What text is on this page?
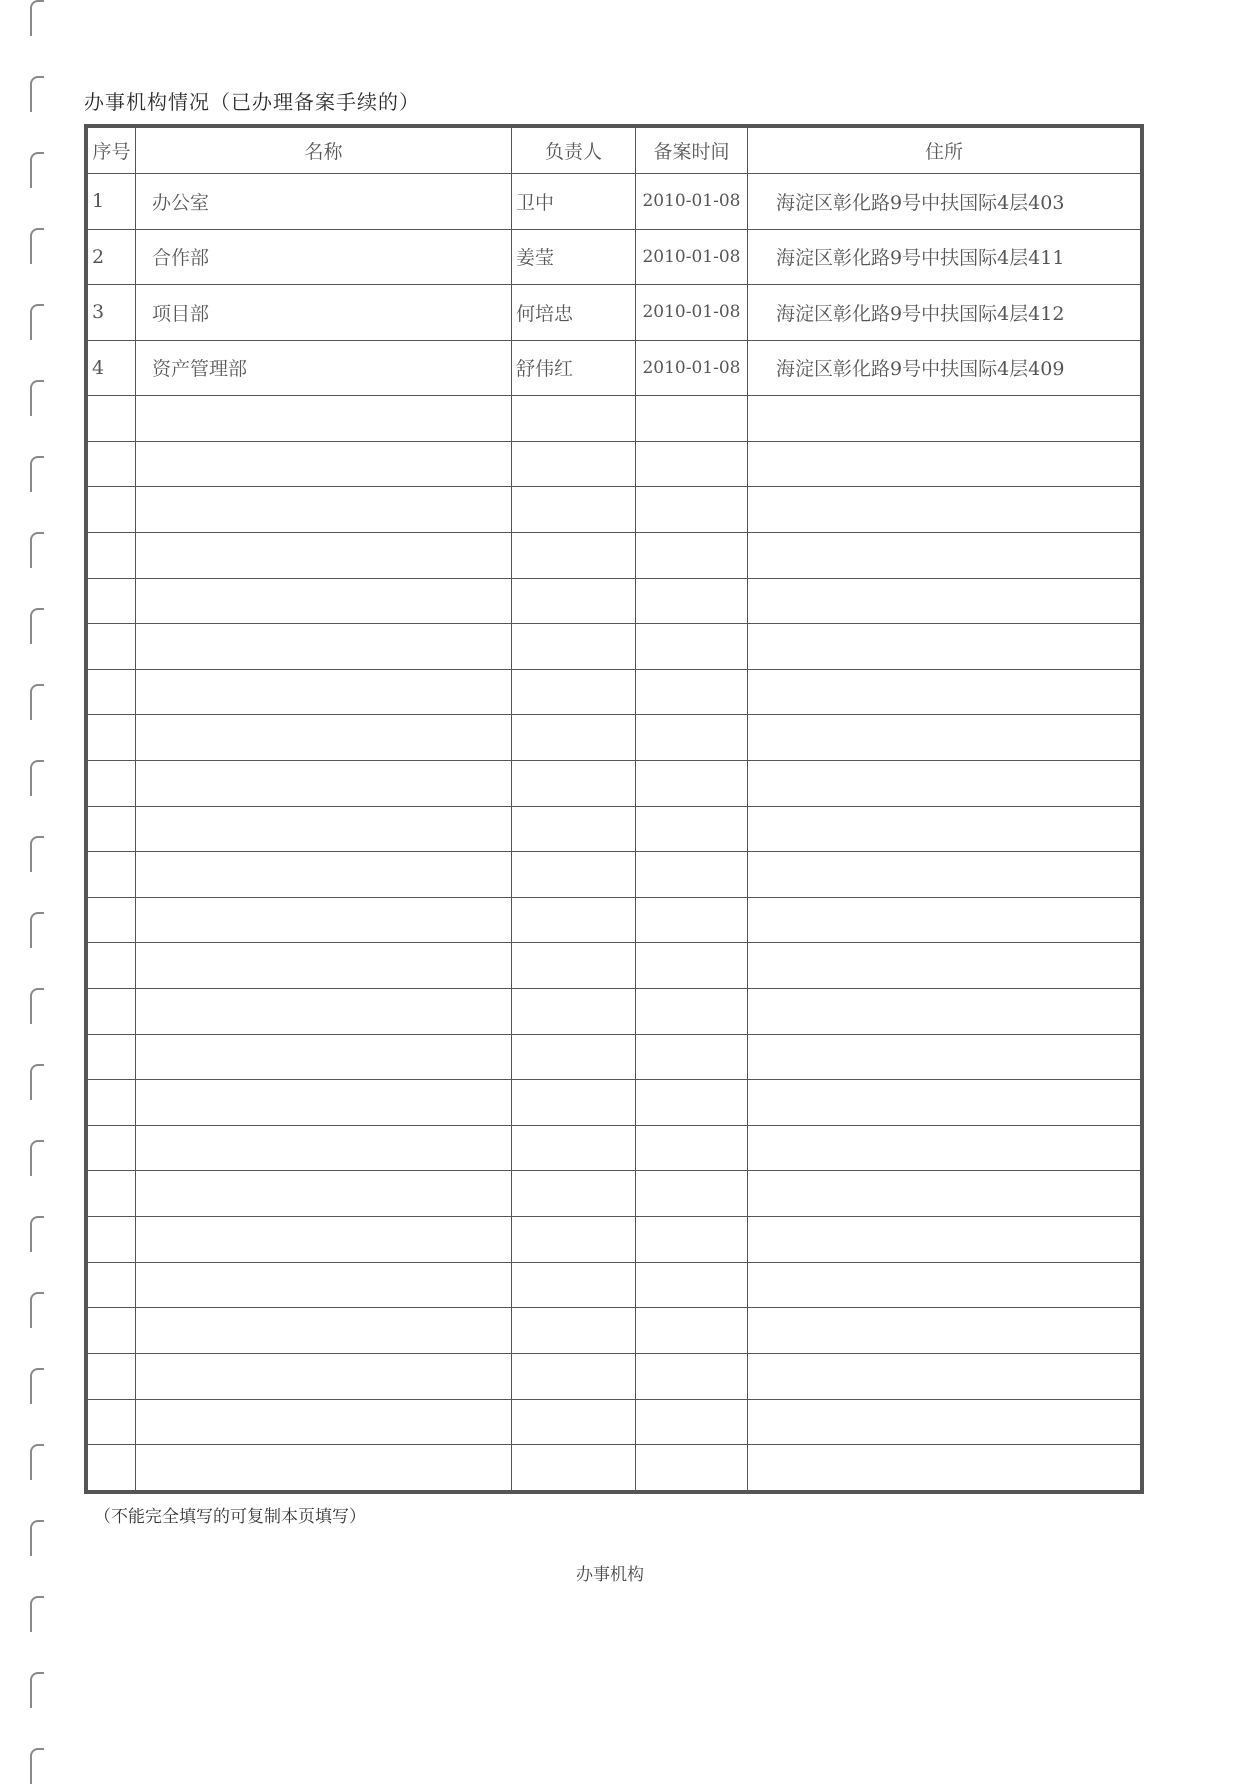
办事机构情况（已办理备案手续的）
序号	名称	负责人	备案时间	住所
1	办公室	卫中	2010-01-08	海淀区彰化路9号中扶国际4层403
2	合作部	姜莹	2010-01-08	海淀区彰化路9号中扶国际4层411
3	项目部	何培忠	2010-01-08	海淀区彰化路9号中扶国际4层412
4	资产管理部	舒伟红	2010-01-08	海淀区彰化路9号中扶国际4层409

（不能完全填写的可复制本页填写）
办事机构
